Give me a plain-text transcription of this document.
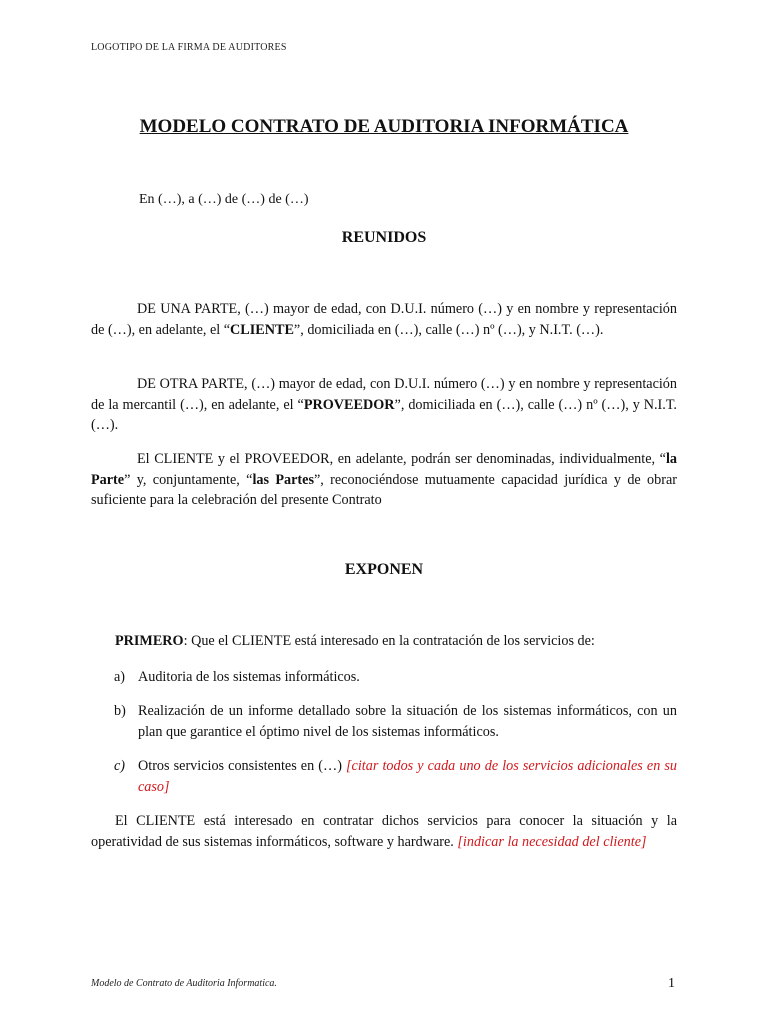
LOGOTIPO DE LA FIRMA DE AUDITORES
MODELO CONTRATO DE AUDITORIA INFORMÁTICA
En (…), a (…) de (…) de (…)
REUNIDOS
DE UNA PARTE, (…) mayor de edad, con D.U.I. número (…) y en nombre y representación de (…), en adelante, el “CLIENTE”, domiciliada en (…), calle (…) nº (…), y N.I.T. (…).
DE OTRA PARTE, (…) mayor de edad, con D.U.I. número (…) y en nombre y representación de la mercantil (…), en adelante, el “PROVEEDOR”, domiciliada en (…), calle (…) nº (…), y N.I.T. (…).
El CLIENTE y el PROVEEDOR, en adelante, podrán ser denominadas, individualmente, “la Parte” y, conjuntamente, “las Partes”, reconociéndose mutuamente capacidad jurídica y de obrar suficiente para la celebración del presente Contrato
EXPONEN
PRIMERO: Que el CLIENTE está interesado en la contratación de los servicios de:
a) Auditoria de los sistemas informáticos.
b) Realización de un informe detallado sobre la situación de los sistemas informáticos, con un plan que garantice el óptimo nivel de los sistemas informáticos.
c) Otros servicios consistentes en (…) [citar todos y cada uno de los servicios adicionales en su caso]
El CLIENTE está interesado en contratar dichos servicios para conocer la situación y la operatividad de sus sistemas informáticos, software y hardware. [indicar la necesidad del cliente]
Modelo de Contrato de Auditoria Informatica.	1
